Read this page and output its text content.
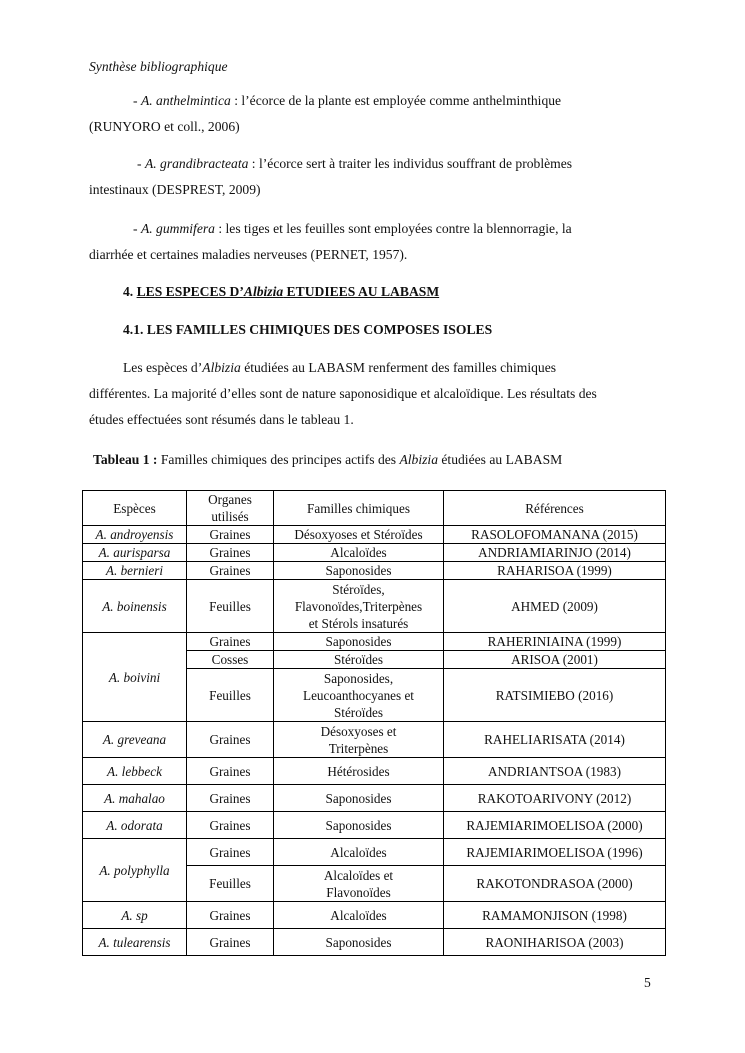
Synthèse bibliographique
- A. anthelmintica : l’écorce de la plante est employée comme anthelminthique
(RUNYORO et coll., 2006)
- A. grandibracteata : l’écorce sert à traiter les individus souffrant de problèmes
intestinaux (DESPREST, 2009)
- A. gummifera : les tiges et les feuilles sont employées contre la blennorragie, la
diarrhée et certaines maladies nerveuses (PERNET, 1957).
4. LES ESPECES D’Albizia ETUDIEES AU LABASM
4.1. LES FAMILLES CHIMIQUES DES COMPOSES ISOLES
Les espèces d’Albizia étudiées au LABASM renferment des familles chimiques
différentes. La majorité d’elles sont de nature saponosidique et alcaloïdique. Les résultats des
études effectuées sont résumés dans le tableau 1.
Tableau 1 : Familles chimiques des principes actifs des Albizia étudiées au LABASM
Espèces	Organes utilisés	Familles chimiques	Références
A. androyensis	Graines	Désoxyoses et Stéroïdes	RASOLOFOMANANA (2015)
A. aurisparsa	Graines	Alcaloïdes	ANDRIAMIARINJO (2014)
A. bernieri	Graines	Saponosides	RAHARISOA (1999)
A. boinensis	Feuilles	Stéroïdes,
Flavonoïdes,Triterpènes
et Stérols insaturés	AHMED (2009)
A. boivini	Graines	Saponosides	RAHERINIAINA (1999)
	Cosses	Stéroïdes	ARISOA (2001)
	Feuilles	Saponosides,
Leucoanthocyanes et
Stéroïdes	RATSIMIEBO (2016)
A. greveana	Graines	Désoxyoses et
Triterpènes	RAHELIARISATA (2014)
A. lebbeck	Graines	Hétérosides	ANDRIANTSOA (1983)
A. mahalao	Graines	Saponosides	RAKOTOARIVONY (2012)
A. odorata	Graines	Saponosides	RAJEMIARIMOELISOA (2000)
A. polyphylla	Graines	Alcaloïdes	RAJEMIARIMOELISOA (1996)
	Feuilles	Alcaloïdes et
Flavonoïdes	RAKOTONDRASOA (2000)
A. sp	Graines	Alcaloïdes	RAMAMONJISON (1998)
A. tulearensis	Graines	Saponosides	RAONIHARISOA (2003)
5
